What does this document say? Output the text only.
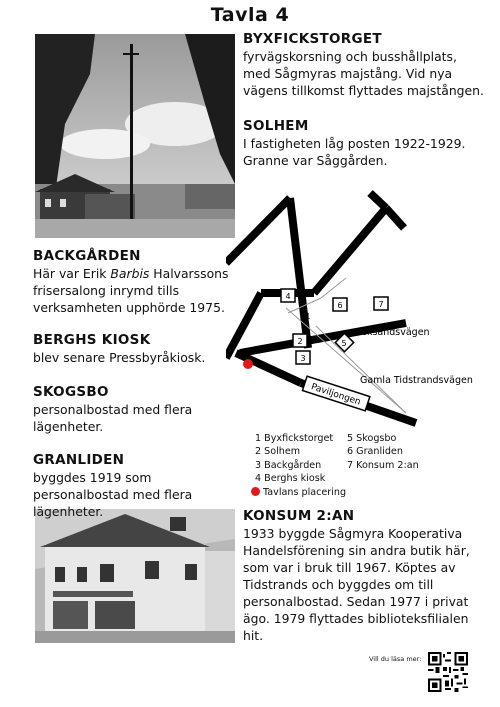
Tavla 4
BYXFICKSTORGET

fyrvägskorsning och busshållplats, med Sågmyras majstång. Vid nya vägens tillkomst flyttades majstången.

SOLHEM

I fastigheten låg posten 1922-1929. Granne var Såggården.

BACKGÅRDEN

Här var Erik Barbis Halvarssons frisersalong inrymd tills verksamheten upphörde 1975.

BERGHS KIOSK

blev senare Pressbyråkiosk.

SKOGSBO

personalbostad med flera lägenheter.

GRANLIDEN

byggdes 1919 som personalbostad med flera lägenheter.	KONSUM 2:AN

1933 byggde Sågmyra Kooperativa Handelsförening sin andra butik här, som var i bruk till 1967. Köptes av Tidstrands och byggdes om till personalbostad. Sedan 1977 i privat ägo. 1979 flyttades biblioteksfilialen hit.

4
1
6	7
2
3
5
Leksandsvägen
Gamla Tidstrandsvägen
Paviljongen
1 Byxfickstorget
2 Solhem
3 Backgården
4 Berghs kiosk
Tavlans placering
5 Skogsbo
6 Granliden
7 Konsum 2:an
Vill du läsa mer:
